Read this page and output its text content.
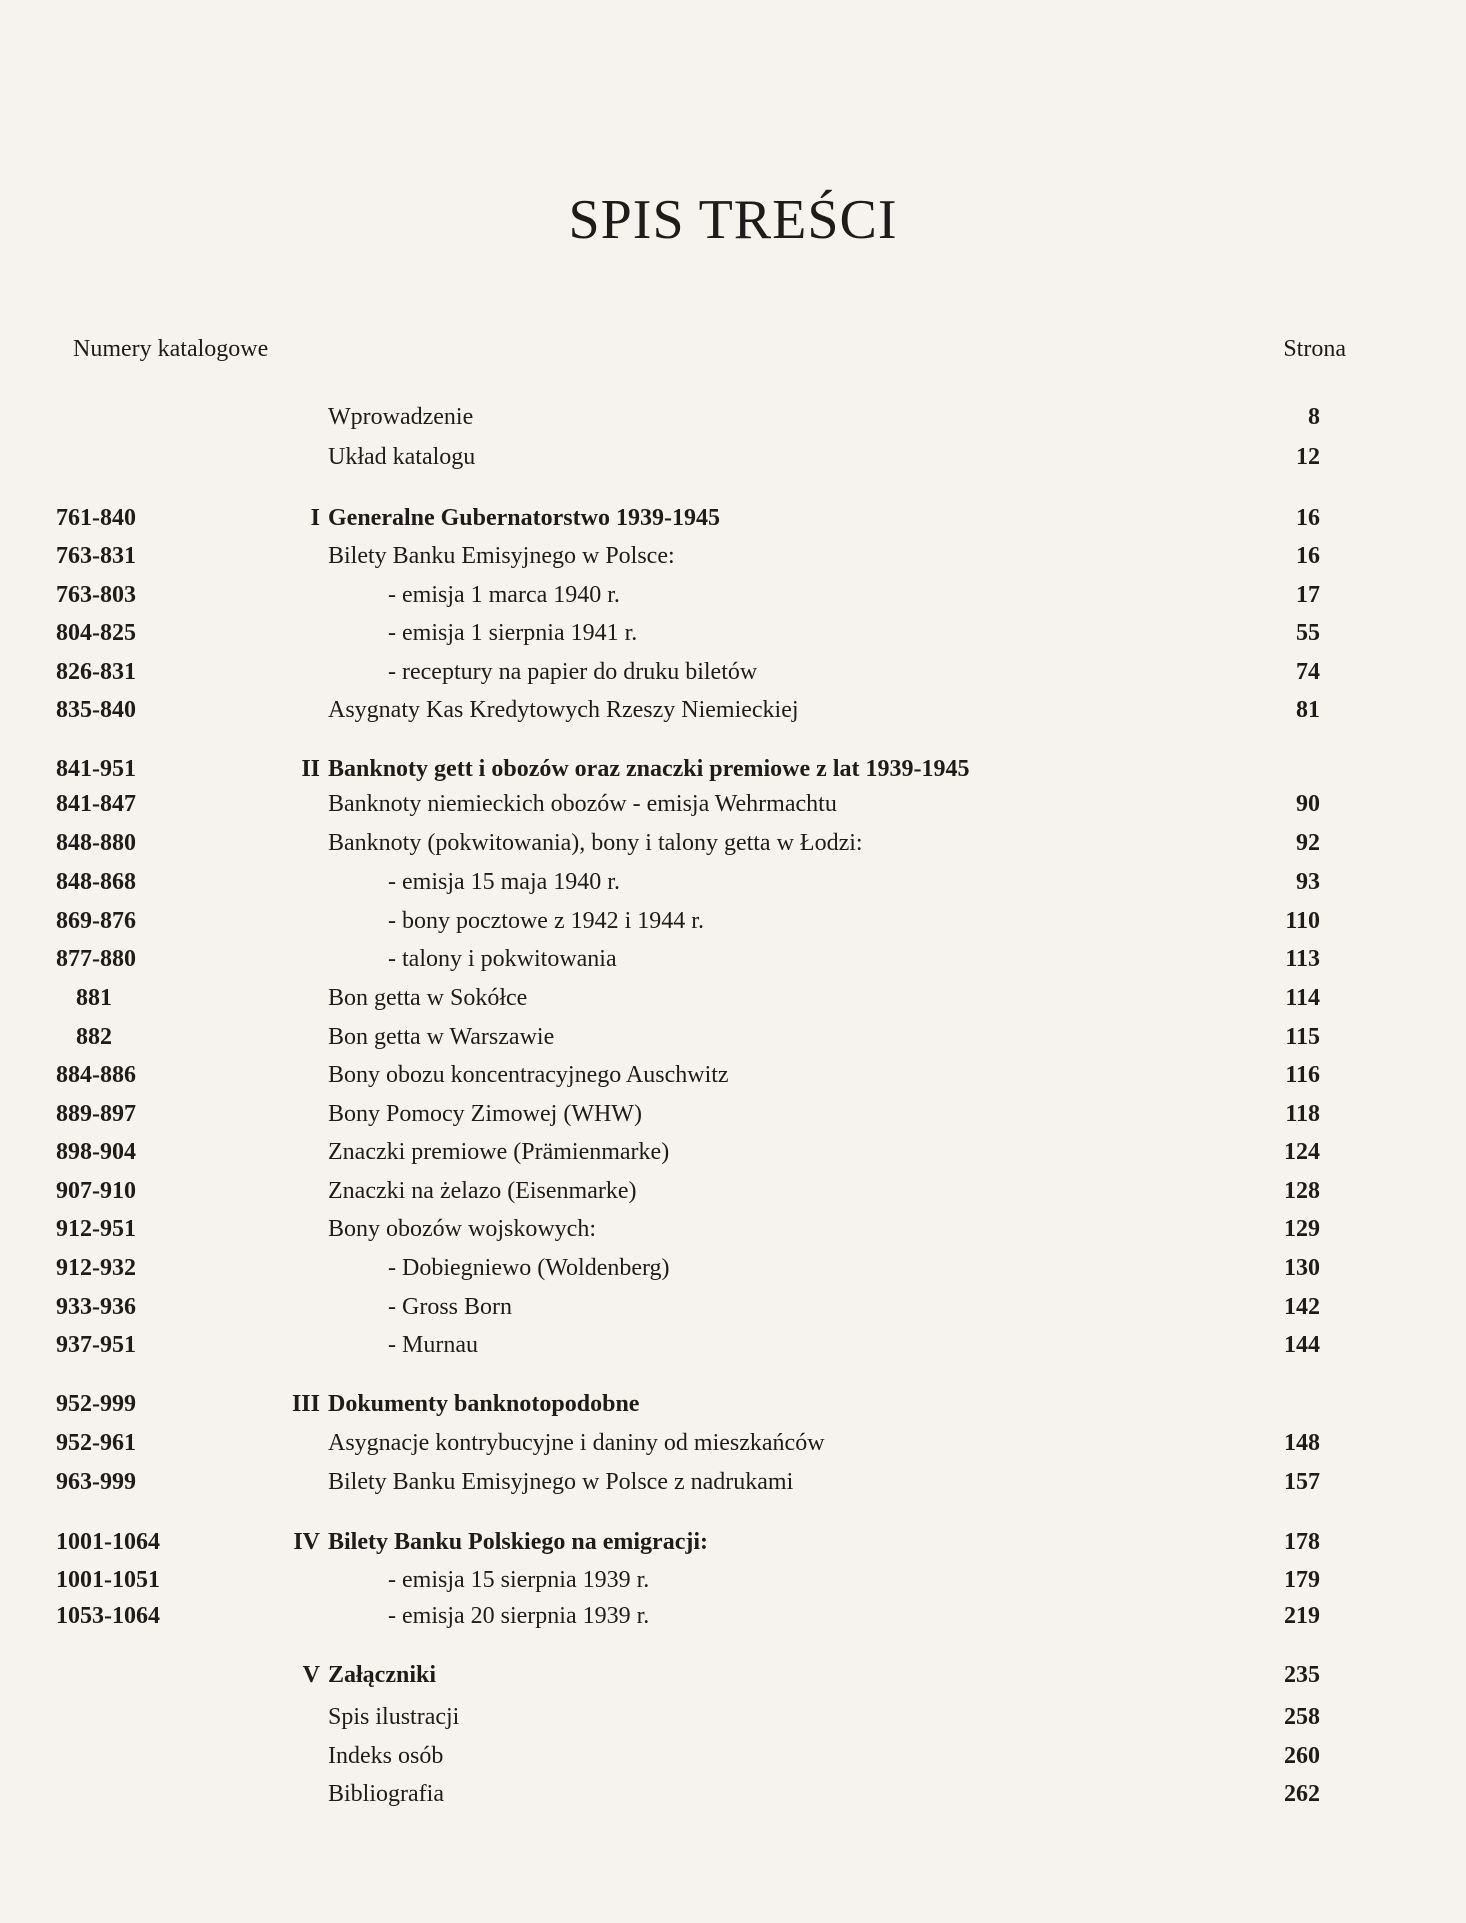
SPIS TREŚCI
Numery katalogowe	Strona
Wprowadzenie	8
Układ katalogu	12
761-840	I Generalne Gubernatorstwo 1939-1945	16
763-831	Bilety Banku Emisyjnego w Polsce:	16
763-803	- emisja 1 marca 1940 r.	17
804-825	- emisja 1 sierpnia 1941 r.	55
826-831	- receptury na papier do druku biletów	74
835-840	Asygnaty Kas Kredytowych Rzeszy Niemieckiej	81
841-951	II Banknoty gett i obozów oraz znaczki premiowe z lat 1939-1945
841-847	Banknoty niemieckich obozów - emisja Wehrmachtu	90
848-880	Banknoty (pokwitowania), bony i talony getta w Łodzi:	92
848-868	- emisja 15 maja 1940 r.	93
869-876	- bony pocztowe z 1942 i 1944 r.	110
877-880	- talony i pokwitowania	113
881	Bon getta w Sokółce	114
882	Bon getta w Warszawie	115
884-886	Bony obozu koncentracyjnego Auschwitz	116
889-897	Bony Pomocy Zimowej (WHW)	118
898-904	Znaczki premiowe (Prämienmarke)	124
907-910	Znaczki na żelazo (Eisenmarke)	128
912-951	Bony obozów wojskowych:	129
912-932	- Dobiegniewo (Woldenberg)	130
933-936	- Gross Born	142
937-951	- Murnau	144
952-999	III Dokumenty banknotopodobne
952-961	Asygnacje kontrybucyjne i daniny od mieszkańców	148
963-999	Bilety Banku Emisyjnego w Polsce z nadrukami	157
1001-1064	IV Bilety Banku Polskiego na emigracji:	178
1001-1051	- emisja 15 sierpnia 1939 r.	179
1053-1064	- emisja 20 sierpnia 1939 r.	219
V Załączniki	235
Spis ilustracji	258
Indeks osób	260
Bibliografia	262
